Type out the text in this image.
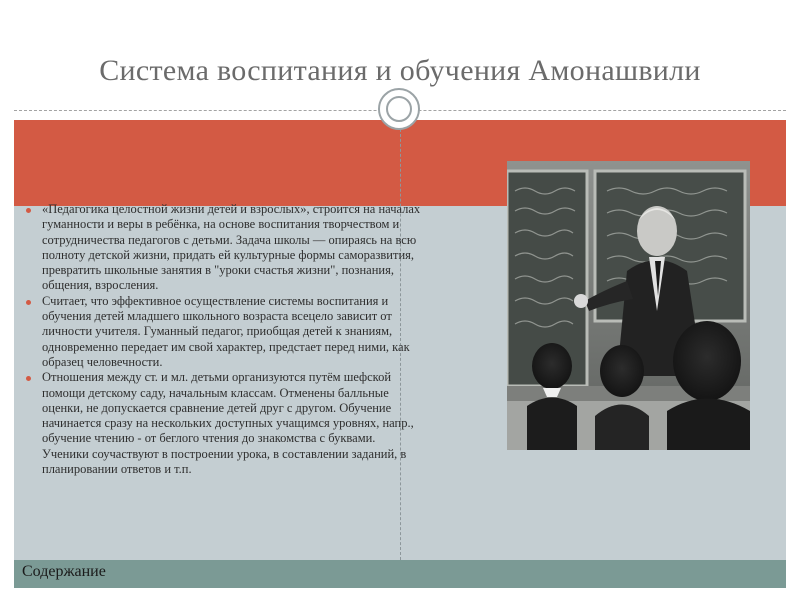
Система воспитания и обучения Амонашвили
«Педагогика целостной жизни детей и взрослых», строится на началах гуманности и веры в ребёнка, на основе воспитания творчеством и сотрудничества педагогов с детьми. Задача школы — опираясь на всю полноту детской жизни, придать ей культурные формы саморазвития, превратить школьные занятия в "уроки счастья жизни", познания, общения, взросления.
Считает, что эффективное осуществление системы воспитания и обучения детей младшего школьного возраста всецело зависит от личности учителя. Гуманный педагог, приобщая детей к знаниям, одновременно передает им свой характер, предстает перед ними, как образец человечности.
Отношения между ст. и мл. детьми организуются путём шефской помощи детскому саду, начальным классам. Отменены балльные оценки, не допускается сравнение детей друг с другом. Обучение начинается сразу на нескольких доступных учащимся уровнях, напр., обучение чтению - от беглого чтения до знакомства с буквами. Ученики соучаствуют в построении урока, в составлении заданий, в планировании ответов и т.п.
Содержание
